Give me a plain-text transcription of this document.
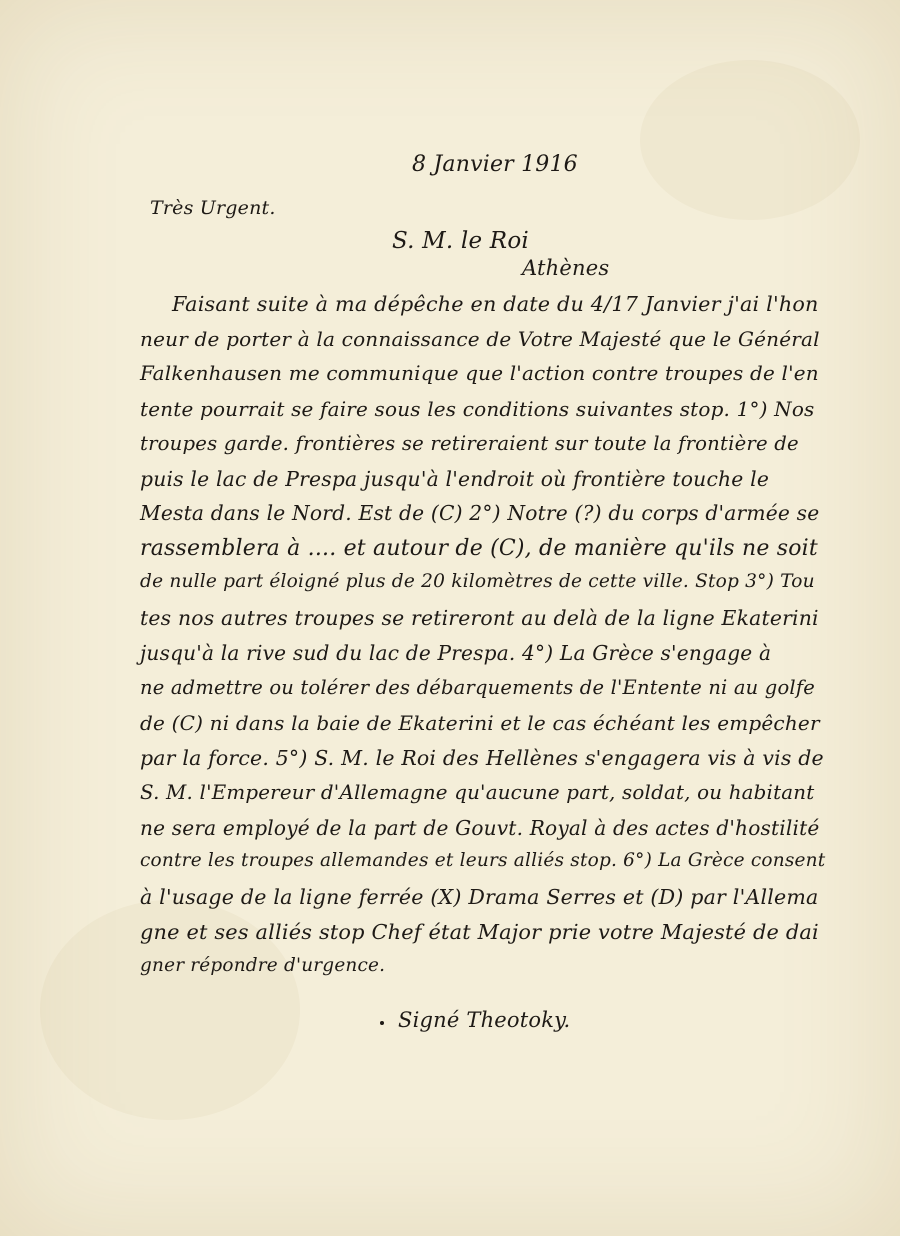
8 Janvier 1916
Très Urgent.
S. M. le Roi
Athènes
Faisant suite à ma dépêche en date du 4/17 Janvier j'ai l'hon
neur de porter à la connaissance de Votre Majesté que le Général
Falkenhausen me communique que l'action contre troupes de l'en
tente pourrait se faire sous les conditions suivantes stop. 1°) Nos
troupes garde. frontières se retireraient sur toute la frontière de
puis le lac de Prespa jusqu'à l'endroit où frontière touche le
Mesta dans le Nord. Est de (C) 2°) Notre (?) du corps d'armée se
rassemblera à .... et autour de (C), de manière qu'ils ne soit
de nulle part éloigné plus de 20 kilomètres de cette ville. Stop 3°) Tou
tes nos autres troupes se retireront au delà de la ligne Ekaterini
jusqu'à la rive sud du lac de Prespa. 4°) La Grèce s'engage à
ne admettre ou tolérer des débarquements de l'Entente ni au golfe
de (C) ni dans la baie de Ekaterini et le cas échéant les empêcher
par la force. 5°) S. M. le Roi des Hellènes s'engagera vis à vis de
S. M. l'Empereur d'Allemagne qu'aucune part, soldat, ou habitant
ne sera employé de la part de Gouvt. Royal à des actes d'hostilité
contre les troupes allemandes et leurs alliés stop. 6°) La Grèce consent
à l'usage de la ligne ferrée (X) Drama Serres et (D) par l'Allema
gne et ses alliés stop Chef état Major prie votre Majesté de dai
gner répondre d'urgence.
Signé Theotoky.
